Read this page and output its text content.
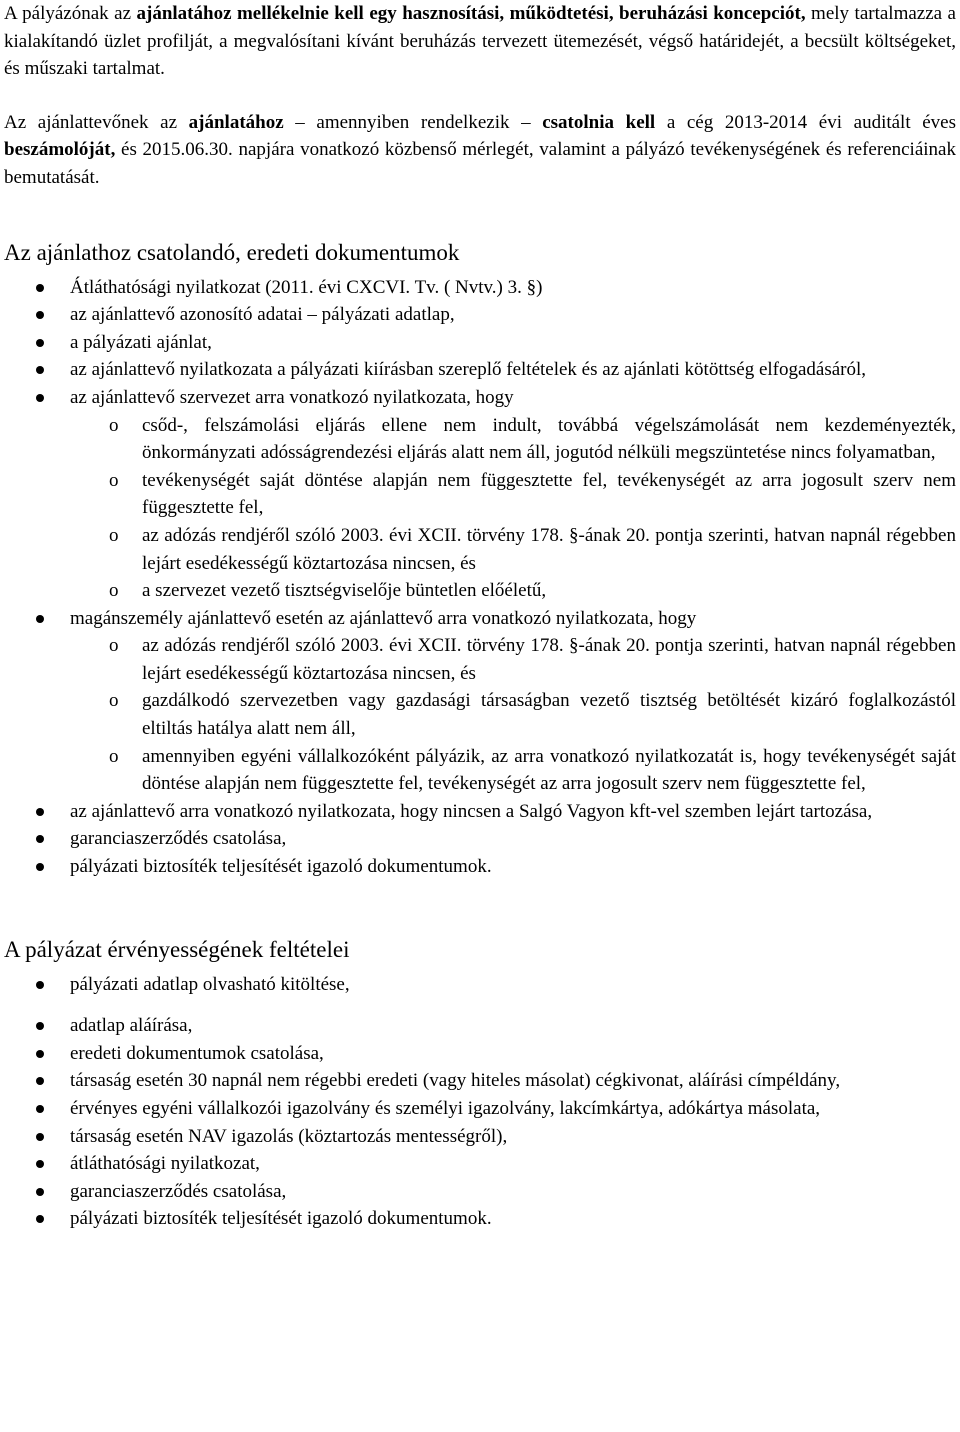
A pályázónak az ajánlatához mellékelnie kell egy hasznosítási, működtetési, beruházási koncepciót, mely tartalmazza a kialakítandó üzlet profilját, a megvalósítani kívánt beruházás tervezett ütemezését, végső határidejét, a becsült költségeket, és műszaki tartalmat.

Az ajánlattevőnek az ajánlatához – amennyiben rendelkezik – csatolnia kell a cég 2013-2014 évi auditált éves beszámolóját, és 2015.06.30. napjára vonatkozó közbenső mérlegét, valamint a pályázó tevékenységének és referenciáinak bemutatását.

Az ajánlathoz csatolandó, eredeti dokumentumok
Átláthatósági nyilatkozat (2011. évi CXCVI. Tv. ( Nvtv.) 3. §)
az ajánlattevő azonosító adatai – pályázati adatlap,
a pályázati ajánlat,
az ajánlattevő nyilatkozata a pályázati kiírásban szereplő feltételek és az ajánlati kötöttség elfogadásáról,
az ajánlattevő szervezet arra vonatkozó nyilatkozata, hogy
o csőd-, felszámolási eljárás ellene nem indult, továbbá végelszámolását nem kezdeményezték, önkormányzati adósságrendezési eljárás alatt nem áll, jogutód nélküli megszüntetése nincs folyamatban,
o tevékenységét saját döntése alapján nem függesztette fel, tevékenységét az arra jogosult szerv nem függesztette fel,
o az adózás rendjéről szóló 2003. évi XCII. törvény 178. §-ának 20. pontja szerinti, hatvan napnál régebben lejárt esedékességű köztartozása nincsen, és
o a szervezet vezető tisztségviselője büntetlen előéletű,
magánszemély ajánlattevő esetén az ajánlattevő arra vonatkozó nyilatkozata, hogy
o az adózás rendjéről szóló 2003. évi XCII. törvény 178. §-ának 20. pontja szerinti, hatvan napnál régebben lejárt esedékességű köztartozása nincsen, és
o gazdálkodó szervezetben vagy gazdasági társaságban vezető tisztség betöltését kizáró foglalkozástól eltiltás hatálya alatt nem áll,
o amennyiben egyéni vállalkozóként pályázik, az arra vonatkozó nyilatkozatát is, hogy tevékenységét saját döntése alapján nem függesztette fel, tevékenységét az arra jogosult szerv nem függesztette fel,
az ajánlattevő arra vonatkozó nyilatkozata, hogy nincsen a Salgó Vagyon kft-vel szemben lejárt tartozása,
garanciaszerződés csatolása,
pályázati biztosíték teljesítését igazoló dokumentumok.
A pályázat érvényességének feltételei
pályázati adatlap olvasható kitöltése,
adatlap aláírása,
eredeti dokumentumok csatolása,
társaság esetén 30 napnál nem régebbi eredeti (vagy hiteles másolat) cégkivonat, aláírási címpéldány,
érvényes egyéni vállalkozói igazolvány és személyi igazolvány, lakcímkártya, adókártya másolata,
társaság esetén NAV igazolás (köztartozás mentességről),
átláthatósági nyilatkozat,
garanciaszerződés csatolása,
pályázati biztosíték teljesítését igazoló dokumentumok.
